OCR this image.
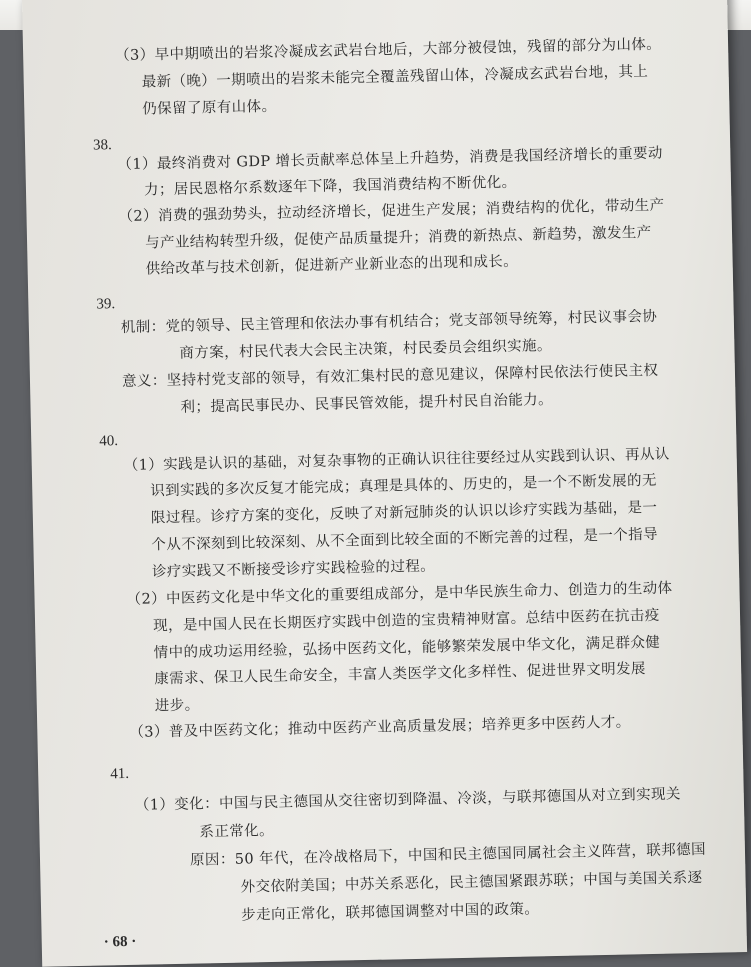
（3）早中期喷出的岩浆冷凝成玄武岩台地后，大部分被侵蚀，残留的部分为山体。
最新（晚）一期喷出的岩浆未能完全覆盖残留山体，冷凝成玄武岩台地，其上
仍保留了原有山体。
38.
（1）最终消费对 GDP 增长贡献率总体呈上升趋势，消费是我国经济增长的重要动
力；居民恩格尔系数逐年下降，我国消费结构不断优化。
（2）消费的强劲势头，拉动经济增长，促进生产发展；消费结构的优化，带动生产
与产业结构转型升级，促使产品质量提升；消费的新热点、新趋势，激发生产
供给改革与技术创新，促进新产业新业态的出现和成长。
39.
机制：党的领导、民主管理和依法办事有机结合；党支部领导统筹，村民议事会协
商方案，村民代表大会民主决策，村民委员会组织实施。
意义：坚持村党支部的领导，有效汇集村民的意见建议，保障村民依法行使民主权
利；提高民事民办、民事民管效能，提升村民自治能力。
40.
（1）实践是认识的基础，对复杂事物的正确认识往往要经过从实践到认识、再从认
识到实践的多次反复才能完成；真理是具体的、历史的，是一个不断发展的无
限过程。诊疗方案的变化，反映了对新冠肺炎的认识以诊疗实践为基础，是一
个从不深刻到比较深刻、从不全面到比较全面的不断完善的过程，是一个指导
诊疗实践又不断接受诊疗实践检验的过程。
（2）中医药文化是中华文化的重要组成部分，是中华民族生命力、创造力的生动体
现，是中国人民在长期医疗实践中创造的宝贵精神财富。总结中医药在抗击疫
情中的成功运用经验，弘扬中医药文化，能够繁荣发展中华文化，满足群众健
康需求、保卫人民生命安全，丰富人类医学文化多样性、促进世界文明发展
进步。
（3）普及中医药文化；推动中医药产业高质量发展；培养更多中医药人才。
41.
（1）变化：中国与民主德国从交往密切到降温、冷淡，与联邦德国从对立到实现关
系正常化。
原因：50 年代，在冷战格局下，中国和民主德国同属社会主义阵营，联邦德国
外交依附美国；中苏关系恶化，民主德国紧跟苏联；中国与美国关系逐
步走向正常化，联邦德国调整对中国的政策。
· 68 ·
